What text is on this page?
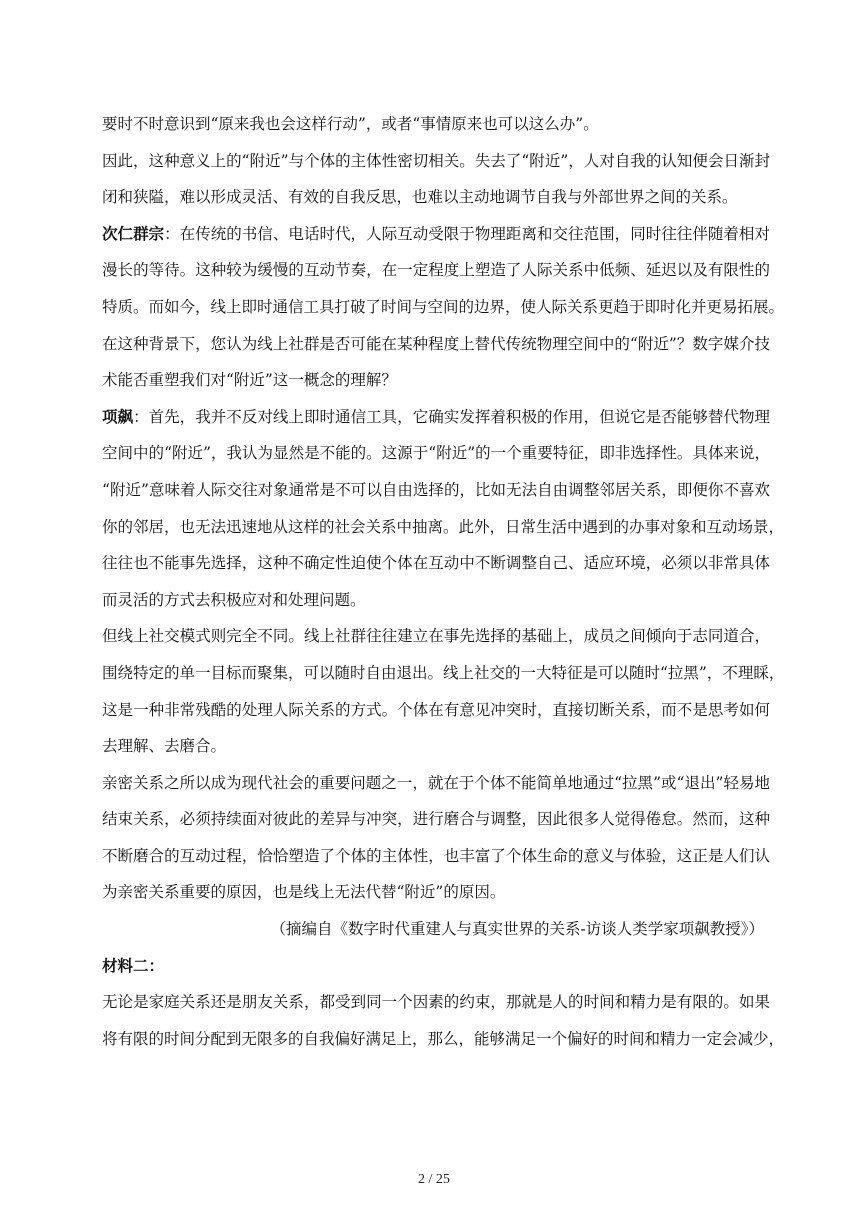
要时不时意识到“原来我也会这样行动”，或者“事情原来也可以这么办”。
因此，这种意义上的“附近”与个体的主体性密切相关。失去了“附近”，人对自我的认知便会日渐封
闭和狭隘，难以形成灵活、有效的自我反思，也难以主动地调节自我与外部世界之间的关系。
次仁群宗：在传统的书信、电话时代，人际互动受限于物理距离和交往范围，同时往往伴随着相对
漫长的等待。这种较为缓慢的互动节奏，在一定程度上塑造了人际关系中低频、延迟以及有限性的
特质。而如今，线上即时通信工具打破了时间与空间的边界，使人际关系更趋于即时化并更易拓展。
在这种背景下，您认为线上社群是否可能在某种程度上替代传统物理空间中的“附近”？数字媒介技
术能否重塑我们对“附近”这一概念的理解？
项飙：首先，我并不反对线上即时通信工具，它确实发挥着积极的作用，但说它是否能够替代物理
空间中的“附近”，我认为显然是不能的。这源于“附近”的一个重要特征，即非选择性。具体来说，
“附近”意味着人际交往对象通常是不可以自由选择的，比如无法自由调整邻居关系，即便你不喜欢
你的邻居，也无法迅速地从这样的社会关系中抽离。此外，日常生活中遇到的办事对象和互动场景，
往往也不能事先选择，这种不确定性迫使个体在互动中不断调整自己、适应环境，必须以非常具体
而灵活的方式去积极应对和处理问题。
但线上社交模式则完全不同。线上社群往往建立在事先选择的基础上，成员之间倾向于志同道合，
围绕特定的单一目标而聚集，可以随时自由退出。线上社交的一大特征是可以随时“拉黑”，不理睬，
这是一种非常残酷的处理人际关系的方式。个体在有意见冲突时，直接切断关系，而不是思考如何
去理解、去磨合。
亲密关系之所以成为现代社会的重要问题之一，就在于个体不能简单地通过“拉黑”或“退出”轻易地
结束关系，必须持续面对彼此的差异与冲突，进行磨合与调整，因此很多人觉得倦怠。然而，这种
不断磨合的互动过程，恰恰塑造了个体的主体性，也丰富了个体生命的意义与体验，这正是人们认
为亲密关系重要的原因，也是线上无法代替“附近”的原因。
（摘编自《数字时代重建人与真实世界的关系-访谈人类学家项飙教授》）
材料二：
无论是家庭关系还是朋友关系，都受到同一个因素的约束，那就是人的时间和精力是有限的。如果
将有限的时间分配到无限多的自我偏好满足上，那么，能够满足一个偏好的时间和精力一定会减少，
2 / 25
